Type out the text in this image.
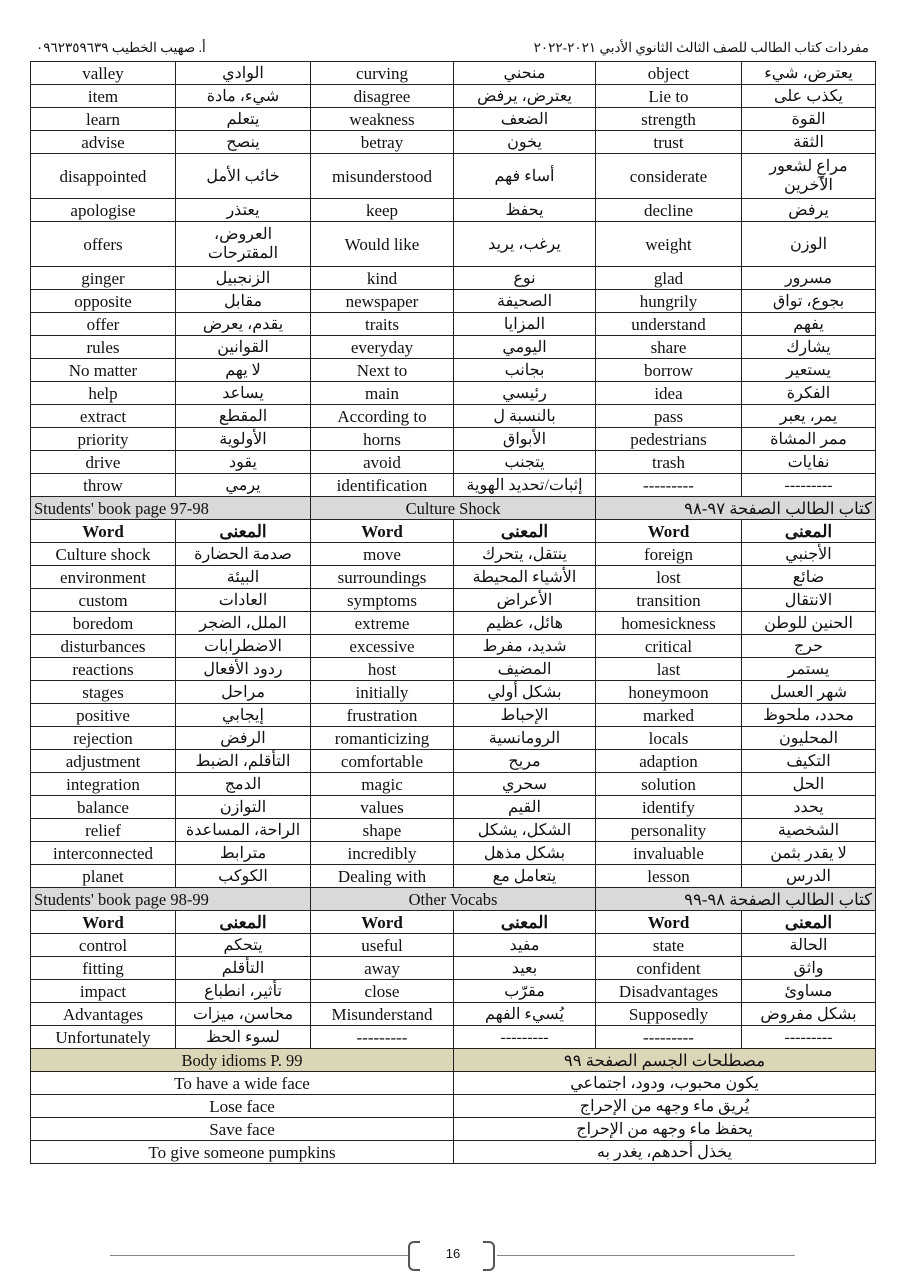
أ. صهيب الخطيب ٠٩٦٢٣٥٩٦٣٩	مفردات كتاب الطالب للصف الثالث الثانوي الأدبي ٢٠٢١-٢٠٢٢
valley	الوادي	curving	منحني	object	يعترض، شيء
item	شيء، مادة	disagree	يعترض، يرفض	Lie to	يكذب على
learn	يتعلم	weakness	الضعف	strength	القوة
advise	ينصح	betray	يخون	trust	الثقة
disappointed	خائب الأمل	misunderstood	أساء فهم	considerate	مراعٍ لشعور الآخرين
apologise	يعتذر	keep	يحفظ	decline	يرفض
offers	العروض، المقترحات	Would like	يرغب، يريد	weight	الوزن
ginger	الزنجبيل	kind	نوع	glad	مسرور
opposite	مقابل	newspaper	الصحيفة	hungrily	بجوع، تواق
offer	يقدم، يعرض	traits	المزايا	understand	يفهم
rules	القوانين	everyday	اليومي	share	يشارك
No matter	لا يهم	Next to	بجانب	borrow	يستعير
help	يساعد	main	رئيسي	idea	الفكرة
extract	المقطع	According to	بالنسبة ل	pass	يمر، يعبر
priority	الأولوية	horns	الأبواق	pedestrians	ممر المشاة
drive	يقود	avoid	يتجنب	trash	نفايات
throw	يرمي	identification	إثبات/تحديد الهوية	---------	---------
Students' book page 97-98		Culture Shock		كتاب الطالب الصفحة ٩٧-٩٨	
Word	المعنى	Word	المعنى	Word	المعنى
Culture shock	صدمة الحضارة	move	ينتقل، يتحرك	foreign	الأجنبي
environment	البيئة	surroundings	الأشياء المحيطة	lost	ضائع
custom	العادات	symptoms	الأعراض	transition	الانتقال
boredom	الملل، الضجر	extreme	هائل، عظيم	homesickness	الحنين للوطن
disturbances	الاضطرابات	excessive	شديد، مفرط	critical	حرج
reactions	ردود الأفعال	host	المضيف	last	يستمر
stages	مراحل	initially	بشكل أولي	honeymoon	شهر العسل
positive	إيجابي	frustration	الإحباط	marked	محدد، ملحوظ
rejection	الرفض	romanticizing	الرومانسية	locals	المحليون
adjustment	التأقلم، الضبط	comfortable	مريح	adaption	التكيف
integration	الدمج	magic	سحري	solution	الحل
balance	التوازن	values	القيم	identify	يحدد
relief	الراحة، المساعدة	shape	الشكل، يشكل	personality	الشخصية
interconnected	مترابط	incredibly	بشكل مذهل	invaluable	لا يقدر بثمن
planet	الكوكب	Dealing with	يتعامل مع	lesson	الدرس
Students' book page 98-99		Other Vocabs		كتاب الطالب الصفحة ٩٨-٩٩	
Word	المعنى	Word	المعنى	Word	المعنى
control	يتحكم	useful	مفيد	state	الحالة
fitting	التأقلم	away	بعيد	confident	واثق
impact	تأثير، انطباع	close	مقرّب	Disadvantages	مساوئ
Advantages	محاسن، ميزات	Misunderstand	يُسيء الفهم	Supposedly	بشكل مفروض
Unfortunately	لسوء الحظ	---------	---------	---------	---------
Body idioms P. 99			مصطلحات الجسم الصفحة ٩٩		
To have a wide face			يكون محبوب، ودود، اجتماعي		
Lose face			يُريق ماء وجهه من الإحراج		
Save face			يحفظ ماء وجهه من الإحراج		
To give someone pumpkins			يخذل أحدهم، يغدر به		
16
